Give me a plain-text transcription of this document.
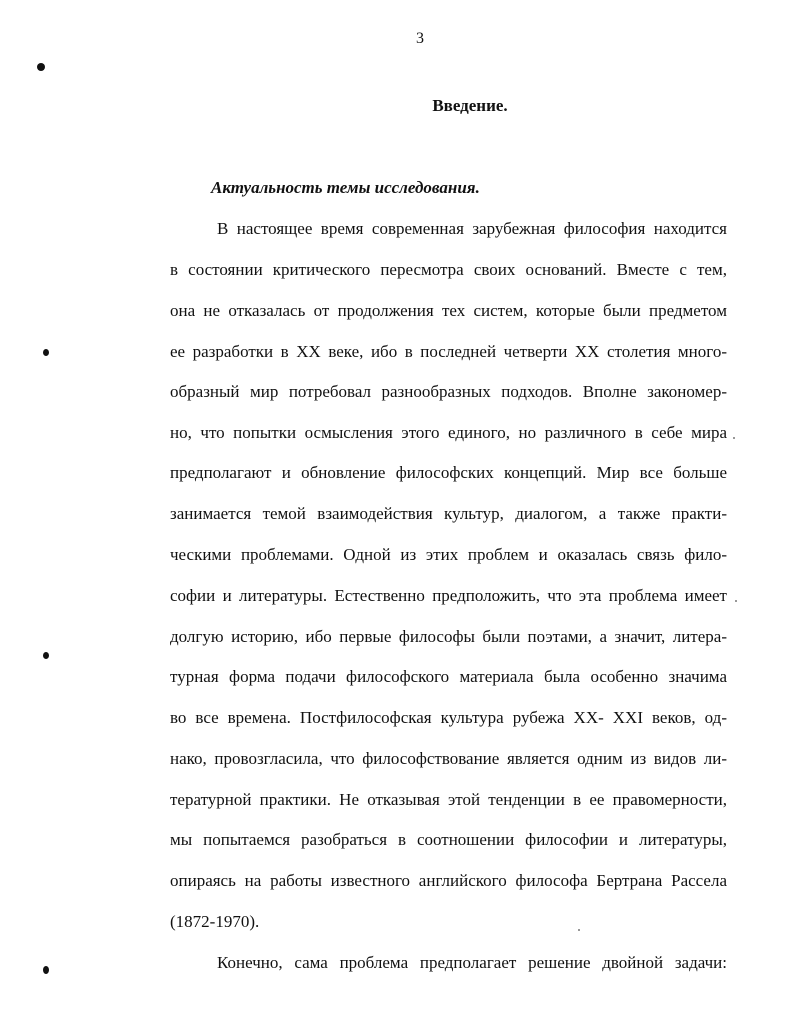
3
Введение.
Актуальность темы исследования.
В настоящее время современная зарубежная философия находится
в состоянии критического пересмотра своих оснований. Вместе с тем,
она не отказалась от продолжения тех систем, которые были предметом
ее разработки в XX веке, ибо в последней четверти XX столетия много-
образный мир потребовал разнообразных подходов. Вполне закономер-
но, что попытки осмысления этого единого, но различного в себе мира
предполагают и обновление философских концепций. Мир все больше
занимается темой взаимодействия культур, диалогом, а также практи-
ческими проблемами. Одной из этих проблем и оказалась связь фило-
софии и литературы. Естественно предположить, что эта проблема имеет
долгую историю, ибо первые философы были поэтами, а значит, литера-
турная форма подачи философского материала была особенно значима
во все времена. Постфилософская культура рубежа XX- XXI веков, од-
нако, провозгласила, что философствование является одним из видов ли-
тературной практики. Не отказывая этой тенденции в ее правомерности,
мы попытаемся разобраться в соотношении философии и литературы,
опираясь на работы известного английского философа Бертрана Рассела
(1872-1970).
Конечно, сама проблема предполагает решение двойной задачи:
